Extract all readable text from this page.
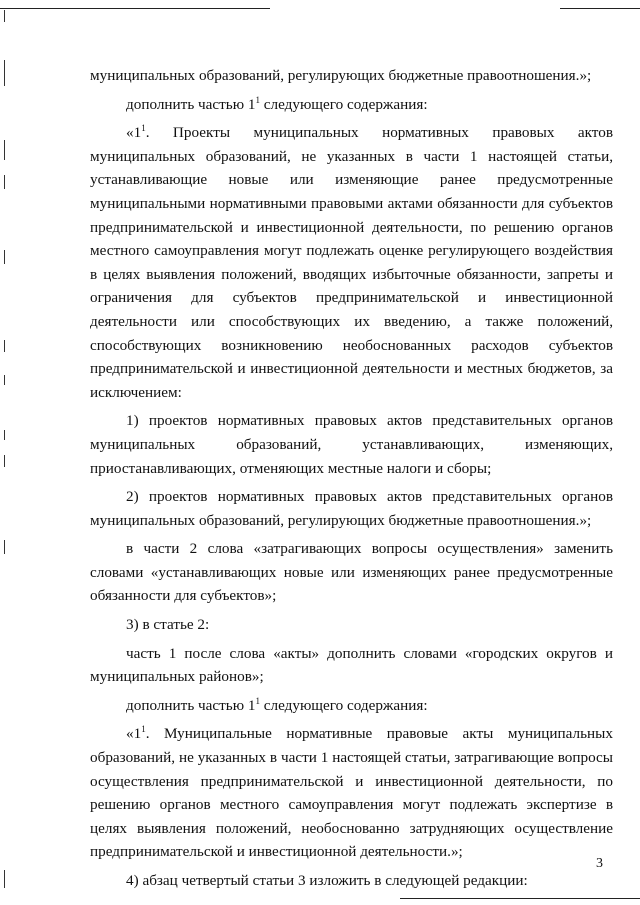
муниципальных образований, регулирующих бюджетные правоотношения.»;

дополнить частью $1^1$ следующего содержания:

«$1^1$. Проекты муниципальных нормативных правовых актов муниципальных образований, не указанных в части 1 настоящей статьи, устанавливающие новые или изменяющие ранее предусмотренные муниципальными нормативными правовыми актами обязанности для субъектов предпринимательской и инвестиционной деятельности, по решению органов местного самоуправления могут подлежать оценке регулирующего воздействия в целях выявления положений, вводящих избыточные обязанности, запреты и ограничения для субъектов предпринимательской и инвестиционной деятельности или способствующих их введению, а также положений, способствующих возникновению необоснованных расходов субъектов предпринимательской и инвестиционной деятельности и местных бюджетов, за исключением:

1) проектов нормативных правовых актов представительных органов муниципальных образований, устанавливающих, изменяющих, приостанавливающих, отменяющих местные налоги и сборы;

2) проектов нормативных правовых актов представительных органов муниципальных образований, регулирующих бюджетные правоотношения.»;

в части 2 слова «затрагивающих вопросы осуществления» заменить словами «устанавливающих новые или изменяющих ранее предусмотренные обязанности для субъектов»;

3) в статье 2:

часть 1 после слова «акты» дополнить словами «городских округов и муниципальных районов»;

дополнить частью $1^1$ следующего содержания:

«$1^1$. Муниципальные нормативные правовые акты муниципальных образований, не указанных в части 1 настоящей статьи, затрагивающие вопросы осуществления предпринимательской и инвестиционной деятельности, по решению органов местного самоуправления могут подлежать экспертизе в целях выявления положений, необоснованно затрудняющих осуществление предпринимательской и инвестиционной деятельности.»;

4) абзац четвертый статьи 3 изложить в следующей редакции:

3
